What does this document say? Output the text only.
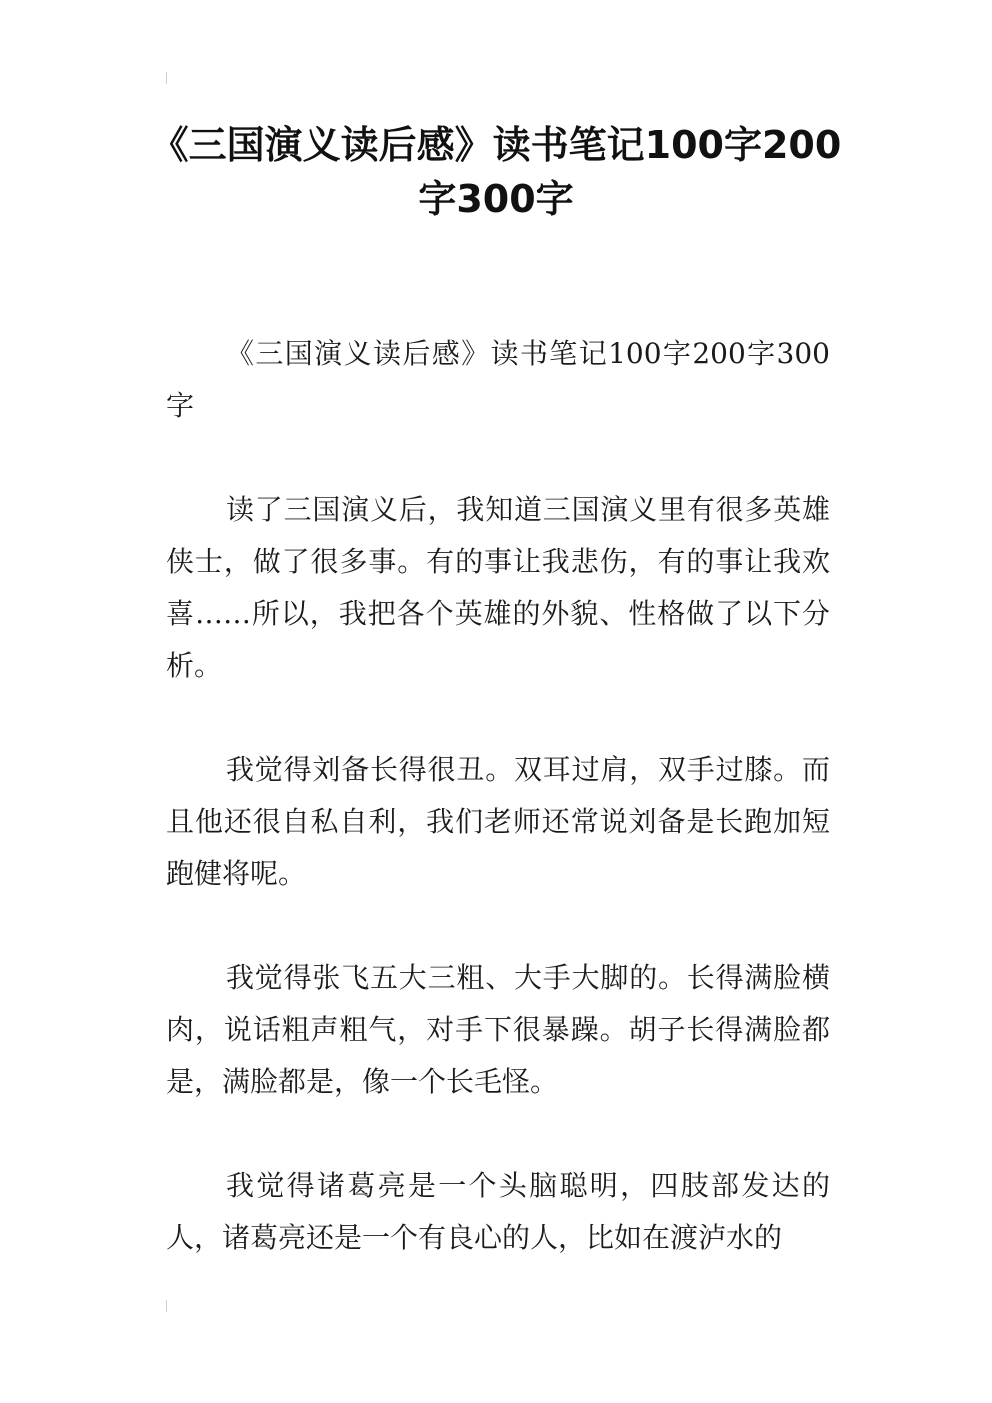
《三国演义读后感》读书笔记100字200字300字

《三国演义读后感》读书笔记100字200字300字

读了三国演义后，我知道三国演义里有很多英雄侠士，做了很多事。有的事让我悲伤，有的事让我欢喜……所以，我把各个英雄的外貌、性格做了以下分析。

我觉得刘备长得很丑。双耳过肩，双手过膝。而且他还很自私自利，我们老师还常说刘备是长跑加短跑健将呢。

我觉得张飞五大三粗、大手大脚的。长得满脸横肉，说话粗声粗气，对手下很暴躁。胡子长得满脸都是，满脸都是，像一个长毛怪。

我觉得诸葛亮是一个头脑聪明，四肢部发达的人，诸葛亮还是一个有良心的人，比如在渡泸水的
